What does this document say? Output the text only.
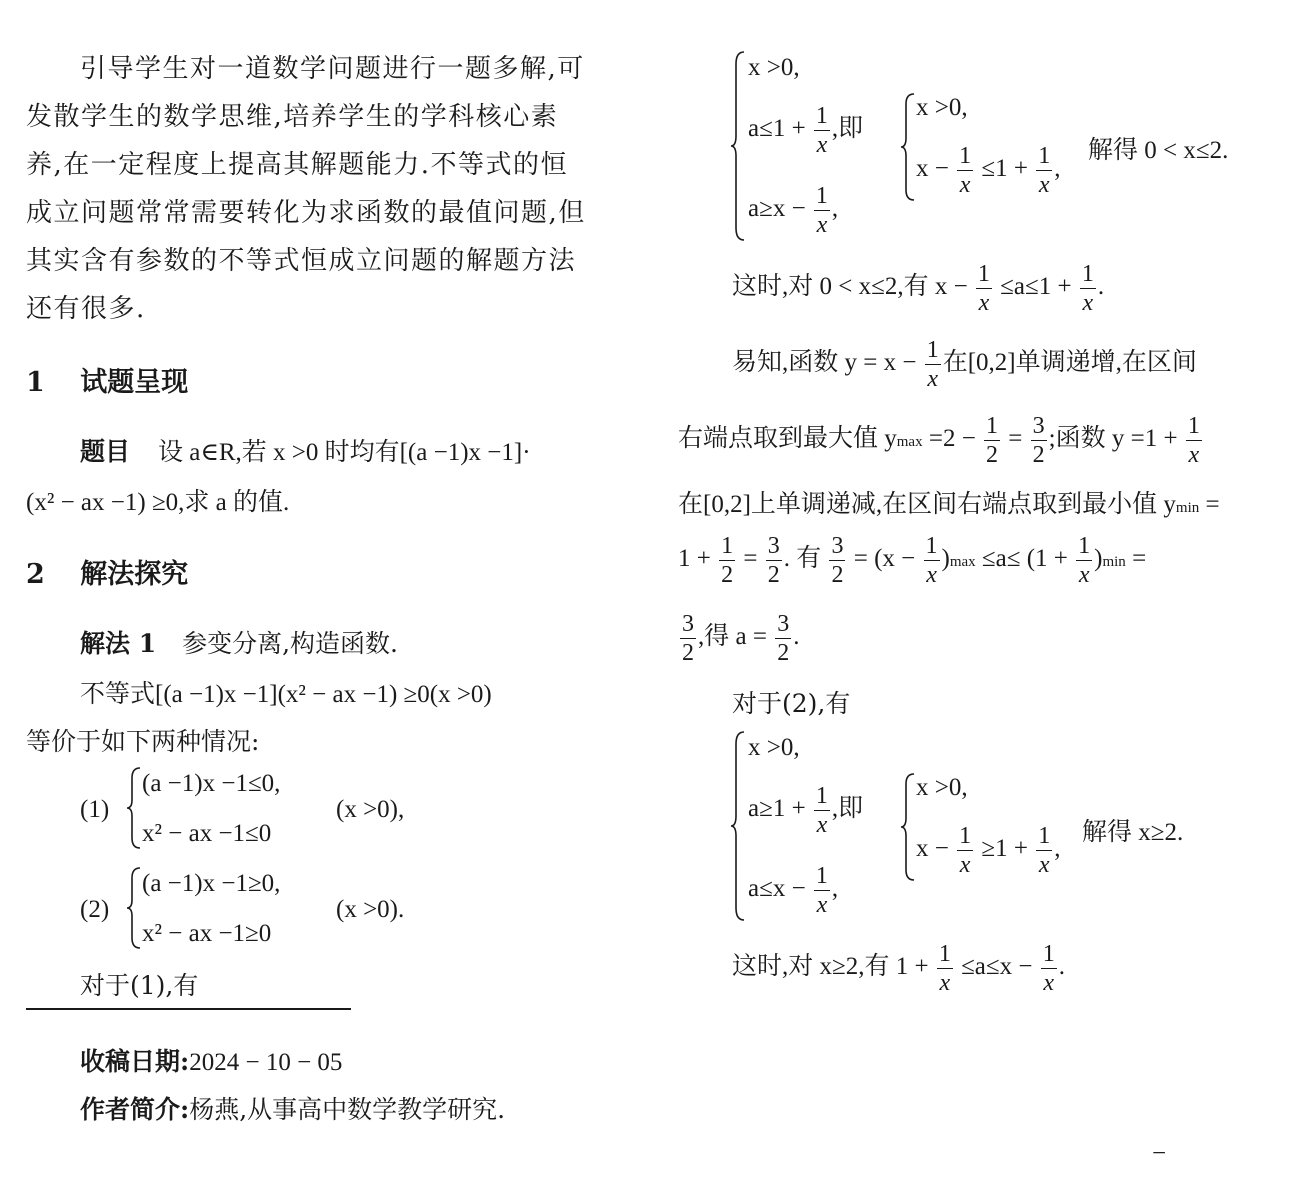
引导学生对一道数学问题进行一题多解,可
发散学生的数学思维,培养学生的学科核心素
养,在一定程度上提高其解题能力.不等式的恒
成立问题常常需要转化为求函数的最值问题,但
其实含有参数的不等式恒成立问题的解题方法
还有很多.
1 试题呈现
题目 设 a∈R,若 x >0 时均有[(a −1)x −1]·
(x² − ax −1) ≥0,求 a 的值.
2 解法探究
解法 1 参变分离,构造函数.
不等式[(a −1)x −1](x² − ax −1) ≥0(x >0)
等价于如下两种情况:
(1)
(a −1)x −1≤0,
x² − ax −1≤0
(x >0),
(2)
(a −1)x −1≥0,
x² − ax −1≥0
(x >0).
对于(1),有
收稿日期:2024 − 10 − 05
作者简介:杨燕,从事高中数学教学研究.
x >0,
$a\le 1 + \frac{1}{x}$ ,即
$a\ge x - \frac{1}{x}$ ,
x >0,
$x - \frac{1}{x} \le 1 + \frac{1}{x}$ ,
解得 0 < x≤2.
这时,对 0 < x≤2,有 $x - \frac{1}{x} \le a\le 1 + \frac{1}{x}$ .
易知,函数 $y = x - \frac{1}{x}$ 在[0,2]单调递增,在区间
右端点取到最大值 $ymax =2 - \frac{1}{2} = \frac{3}{2}$ ;函数 $y =1 + \frac{1}{x}$
在[0,2]上单调递减,在区间右端点取到最小值 ymin =
$1 + \frac{1}{2} = \frac{3}{2}$ . 有 $\frac{3}{2} = (x - \frac{1}{x} )\max \le a\le (1 + \frac{1}{x} )\min$ =
$\frac{3}{2}$ ,得 $a = \frac{3}{2}$ .
对于(2),有
x >0,
$a\ge 1 + \frac{1}{x}$ ,即
$a\le x - \frac{1}{x}$ ,
x >0,
$x - \frac{1}{x} \ge 1 + \frac{1}{x}$ ,
解得 x≥2.
这时,对 x≥2,有 $1 + \frac{1}{x} \le a\le x - \frac{1}{x}$ .
−
